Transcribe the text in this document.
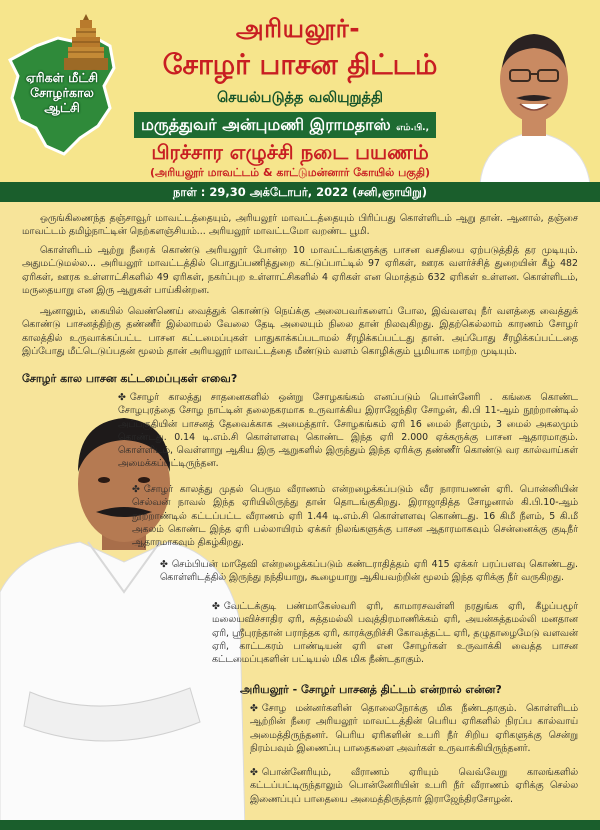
ஏரிகள் மீட்சி
சோழர்கால
ஆட்சி
அரியலூர்-
சோழர் பாசன திட்டம்
செயல்படுத்த வலியுறுத்தி
மருத்துவர் அன்புமணி இராமதாஸ் எம்.பி.,
பிரச்சார எழுச்சி நடை பயணம்
(அரியலூர் மாவட்டம் & காட்டுமன்னார் கோயில் பகுதி)
நாள் : 29,30 அக்டோபர், 2022 (சனி,ஞாயிறு)
ஒருங்கிணைந்த தஞ்சாவூர் மாவட்டத்தையும், அரியலூர் மாவட்டத்தையும் பிரிப்பது கொள்ளிடம் ஆறு தான். ஆனால், தஞ்சை மாவட்டம் தமிழ்நாட்டின் நெற்களஞ்சியம்... அரியலூர் மாவட்டமோ வறண்ட பூமி.
கொள்ளிடம் ஆற்று நீரைக் கொண்டு அரியலூர் போன்ற 10 மாவட்டங்களுக்கு பாசன வசதியை ஏற்படுத்தித் தர முடியும். அதுமட்டுமல்ல... அரியலூர் மாவட்டத்தில் பொதுப்பணித்துறை கட்டுப்பாட்டில் 97 ஏரிகள், ஊரக வளர்ச்சித் துறையின் கீழ் 482 ஏரிகள், ஊரக உள்ளாட்சிகளில் 49 ஏரிகள், நகர்ப்புற உள்ளாட்சிகளில் 4 ஏரிகள் என மொத்தம் 632 ஏரிகள் உள்ளன. கொள்ளிடம், மருதையாறு என இரு ஆறுகள் பாய்கின்றன.
ஆனாலும், கையில் வெண்ணெய் வைத்துக் கொண்டு நெய்க்கு அலைபவர்களைப் போல, இவ்வளவு நீர் வளத்தை வைத்துக் கொண்டு பாசனத்திற்கு தண்ணீர் இல்லாமல் வேலை தேடி அலையும் நிலை தான் நிலவுகிறது. இதற்கெல்லாம் காரணம் சோழர் காலத்தில் உருவாக்கப்பட்ட பாசன கட்டமைப்புகள் பாதுகாக்கப்படாமல் சீரழிக்கப்பட்டது தான். அப்போது சீரழிக்கப்பட்டதை இப்போது மீட்டெடுப்பதன் மூலம் தான் அரியலூர் மாவட்டத்தை மீண்டும் வளம் கொழிக்கும் பூமியாக மாற்ற முடியும்.
சோழர் கால பாசன கட்டமைப்புகள் எவை?
✤ சோழர் காலத்து சாதனைகளில் ஒன்று சோழகங்கம் எனப்படும் பொன்னேரி . கங்கை கொண்ட சோழபுரத்தை சோழ நாட்டின் தலைநகரமாக உருவாக்கிய இராஜேந்திர சோழன், கி.பி 11-ஆம் நூற்றாண்டில் அப்பகுதியின் பாசனத் தேவைக்காக அமைத்தார். சோழகங்கம் ஏரி 16 மைல் நீளமும், 3 மைல் அகலமும் கொண்டது. 0.14 டி.எம்.சி கொள்ளளவு கொண்ட இந்த ஏரி 2.000 ஏக்கருக்கு பாசன ஆதாரமாகும். கொள்ளிடம், வெள்ளாறு ஆகிய இரு ஆறுகளில் இருந்தும் இந்த ஏரிக்கு தண்ணீர் கொண்டு வர கால்வாய்கள் அமைக்கப்பட்டிருந்தன.
✤ சோழர் காலத்து முதல் பெரும வீராணம் என்றழைக்கப்படும் வீர நாராயணன் ஏரி. பொன்னியின் செல்வன் நாவல் இந்த ஏரியிலிருந்து தான் தொடங்குகிறது. இராஜாதித்த சோழனால் கி.பி.10-ஆம் நூற்றாண்டில் கட்டப்பட்ட வீராணம் ஏரி 1.44 டி.எம்.சி கொள்ளளவு கொண்டது. 16 கிமீ நீளம், 5 கி.மீ அகலம் கொண்ட இந்த ஏரி பல்லாயிரம் ஏக்கர் நிலங்களுக்கு பாசன ஆதாரமாகவும் சென்னைக்கு குடிநீர் ஆதாரமாகவும் திகழ்கிறது.
✤ செம்பியன் மாதேவி என்றழைக்கப்படும் கண்டராதித்தம் ஏரி 415 ஏக்கர் பரப்பளவு கொண்டது. கொள்ளிடத்தில் இருந்து நந்தியாறு, கூழையாறு ஆகியவற்றின் மூலம் இந்த ஏரிக்கு நீர் வருகிறது.
✤ வேட்டக்குடி பண்மாகேஸ்வரி ஏரி, காமாரசவள்ளி நரதுங்க ஏரி, கீழப்பழூர் மலையவிச்சாதிர ஏரி, சுத்தமல்லி பவுத்திரமாணிக்கம் ஏரி, அயன்சுத்தமல்லி மனதான ஏரி, ஸ்ரீபுரந்தான் பராந்தக ஏரி, காரக்குறிச்சி கோவத்தட்ட ஏரி, தழுதாழைமேடு வளவன் ஏரி, காட்டகரம் பாண்டியன் ஏரி என சோழர்கள் உருவாக்கி வைத்த பாசன கட்டமைப்புகளின் பட்டியல் மிக மிக நீண்டதாகும்.
அரியலூர் - சோழர் பாசனத் திட்டம் என்றால் என்ன?
✤ சோழ மன்னர்களின் தொலைநோக்கு மிக நீண்டதாகும். கொள்ளிடம் ஆற்றின் நீரை அரியலூர் மாவட்டத்தின் பெரிய ஏரிகளில் நிரப்ப கால்வாய் அமைத்திருந்தனர். பெரிய ஏரிகளின் உபரி நீர் சிறிய ஏரிகளுக்கு சென்று நிரம்பவும் இணைப்பு பாதைகளை அவர்கள் உருவாக்கியிருந்தனர்.
✤ பொன்னேரியும், வீராணம் ஏரியும் வெவ்வேறு காலங்களில் கட்டப்பட்டிருந்தாலும் பொன்னேரியின் உபரி நீர் வீராணம் ஏரிக்கு செல்ல இணைப்புப் பாதையை அமைத்திருந்தார் இராஜேந்திரசோழன்.
